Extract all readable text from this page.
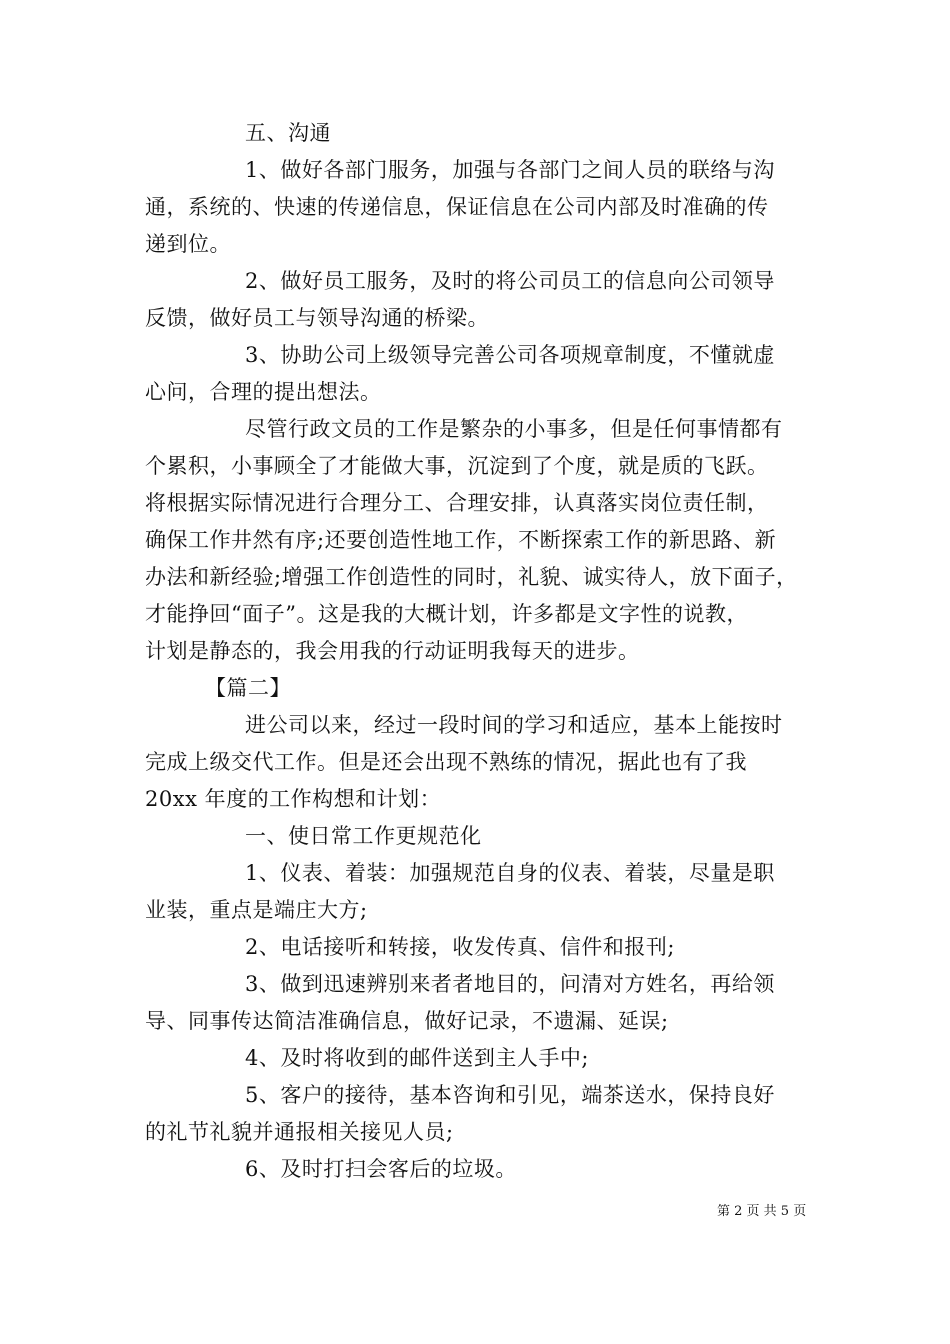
五、沟通
1、做好各部门服务，加强与各部门之间人员的联络与沟
通，系统的、快速的传递信息，保证信息在公司内部及时准确的传
递到位。
2、做好员工服务，及时的将公司员工的信息向公司领导
反馈，做好员工与领导沟通的桥梁。
3、协助公司上级领导完善公司各项规章制度，不懂就虚
心问，合理的提出想法。
尽管行政文员的工作是繁杂的小事多，但是任何事情都有
个累积，小事顾全了才能做大事，沉淀到了个度，就是质的飞跃。
将根据实际情况进行合理分工、合理安排，认真落实岗位责任制，
确保工作井然有序;还要创造性地工作，不断探索工作的新思路、新
办法和新经验;增强工作创造性的同时，礼貌、诚实待人，放下面子，
才能挣回“面子”。这是我的大概计划，许多都是文字性的说教，
计划是静态的，我会用我的行动证明我每天的进步。
【篇二】
进公司以来，经过一段时间的学习和适应，基本上能按时
完成上级交代工作。但是还会出现不熟练的情况，据此也有了我
20xx 年度的工作构想和计划：
一、使日常工作更规范化
1、仪表、着装：加强规范自身的仪表、着装，尽量是职
业装，重点是端庄大方;
2、电话接听和转接，收发传真、信件和报刊;
3、做到迅速辨别来者者地目的，问清对方姓名，再给领
导、同事传达简洁准确信息，做好记录，不遗漏、延误;
4、及时将收到的邮件送到主人手中;
5、客户的接待，基本咨询和引见，端茶送水，保持良好
的礼节礼貌并通报相关接见人员;
6、及时打扫会客后的垃圾。
第 2 页 共 5 页
